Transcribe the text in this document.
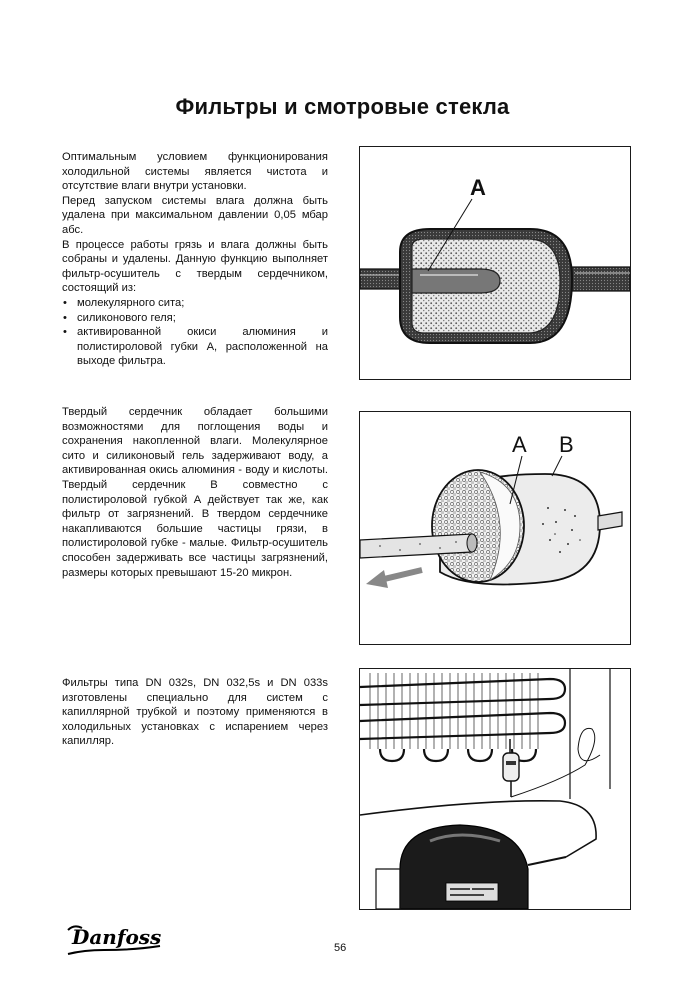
Фильтры и смотровые стекла

Оптимальным условием функционирования холодильной системы является чистота и отсутствие влаги внутри установки.

Перед запуском системы влага должна быть удалена при максимальном давлении 0,05 мбар абс.

В процессе работы грязь и влага должны быть собраны и удалены. Данную функцию выполняет фильтр-осушитель с твердым сердечником, состоящий из:

• молекулярного сита;
• силиконового геля;
• активированной окиси алюминия и полистироловой губки А, расположенной на выходе фильтра.
A

Твердый сердечник обладает большими возможностями для поглощения воды и сохранения накопленной влаги. Молекулярное сито и силиконовый гель задерживают воду, а активированная окись алюминия - воду и кислоты. Твердый сердечник В совместно с полистироловой губкой А действует так же, как фильтр от загрязнений. В твердом сердечнике накапливаются большие частицы грязи, в полистироловой губке - малые. Фильтр-осушитель способен задерживать все частицы загрязнений, размеры которых превышают 15-20 микрон.

A B

Фильтры типа DN 032s, DN 032,5s и DN 033s изготовлены специально для систем с капиллярной трубкой и поэтому применяются в холодильных установках с испарением через капилляр.

Danfoss	56
